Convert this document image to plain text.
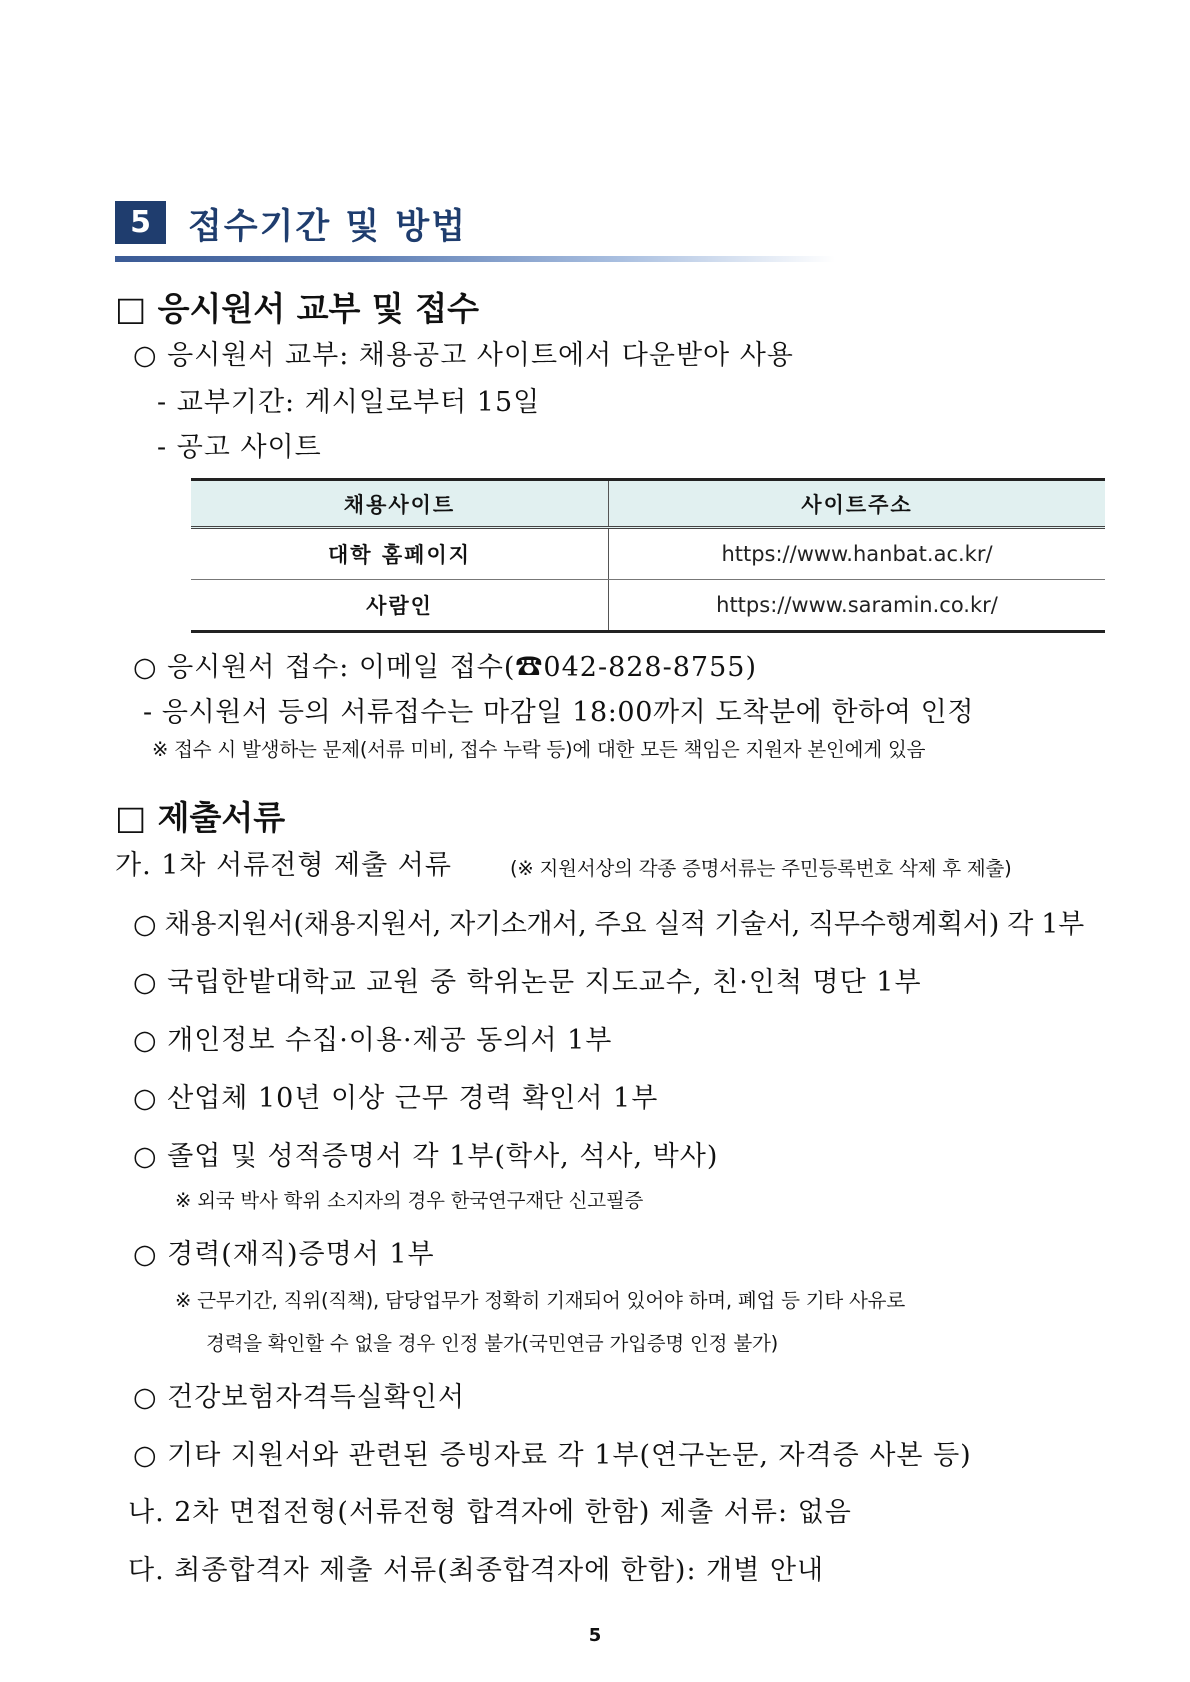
5	접수기간 및 방법
□ 응시원서 교부 및 접수
○ 응시원서 교부: 채용공고 사이트에서 다운받아 사용
- 교부기간: 게시일로부터 15일
- 공고 사이트
채용사이트	사이트주소
대학 홈페이지	https://www.hanbat.ac.kr/
사람인	https://www.saramin.co.kr/
○ 응시원서 접수: 이메일 접수(☎042-828-8755)
- 응시원서 등의 서류접수는 마감일 18:00까지 도착분에 한하여 인정
※ 접수 시 발생하는 문제(서류 미비, 접수 누락 등)에 대한 모든 책임은 지원자 본인에게 있음
□ 제출서류
가. 1차 서류전형 제출 서류	(※ 지원서상의 각종 증명서류는 주민등록번호 삭제 후 제출)
○ 채용지원서(채용지원서, 자기소개서, 주요 실적 기술서, 직무수행계획서) 각 1부
○ 국립한밭대학교 교원 중 학위논문 지도교수, 친·인척 명단 1부
○ 개인정보 수집·이용·제공 동의서 1부
○ 산업체 10년 이상 근무 경력 확인서 1부
○ 졸업 및 성적증명서 각 1부(학사, 석사, 박사)
※ 외국 박사 학위 소지자의 경우 한국연구재단 신고필증
○ 경력(재직)증명서 1부
※ 근무기간, 직위(직책), 담당업무가 정확히 기재되어 있어야 하며, 폐업 등 기타 사유로
경력을 확인할 수 없을 경우 인정 불가(국민연금 가입증명 인정 불가)
○ 건강보험자격득실확인서
○ 기타 지원서와 관련된 증빙자료 각 1부(연구논문, 자격증 사본 등)
나. 2차 면접전형(서류전형 합격자에 한함) 제출 서류: 없음
다. 최종합격자 제출 서류(최종합격자에 한함): 개별 안내
5
